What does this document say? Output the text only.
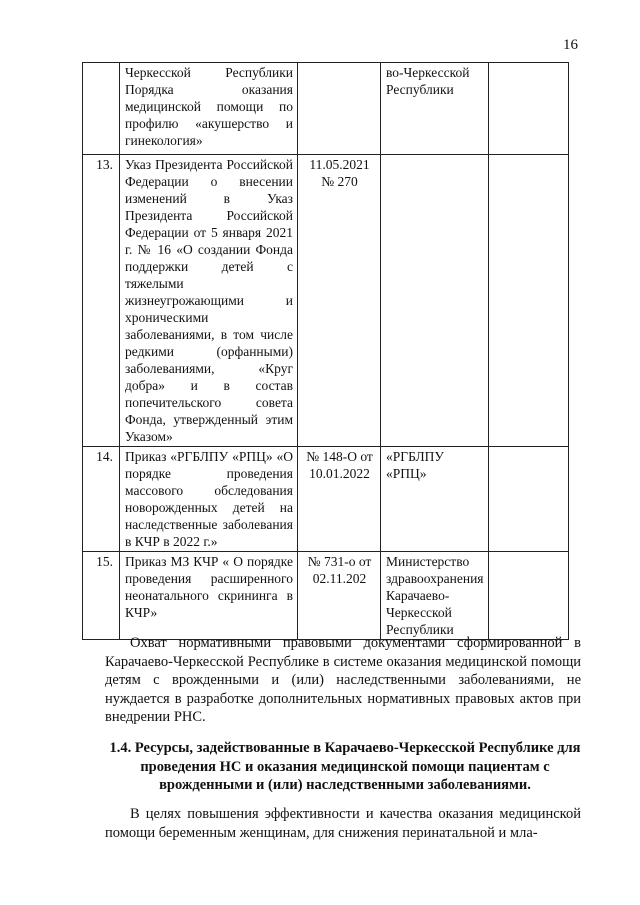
16
	Черкесской Республики Порядка оказания медицинской помощи по профилю «акушерство и гинекология»		во-Черкесской Республики	
13.	Указ Президента Российской Федерации о внесении изменений в Указ Президента Российской Федерации от 5 января 2021 г. № 16 «О создании Фонда поддержки детей с тяжелыми жизнеугрожающими и хроническими заболеваниями, в том числе редкими (орфанными) заболеваниями, «Круг добра» и в состав попечительского совета Фонда, утвержденный этим Указом»	11.05.2021 № 270		
14.	Приказ «РГБЛПУ «РПЦ» «О порядке проведения массового обследования новорожденных детей на наследственные заболевания в КЧР в 2022 г.»	№ 148-О от 10.01.2022	«РГБЛПУ «РПЦ»	
15.	Приказ МЗ КЧР « О порядке проведения расширенного неонатального скрининга в КЧР»	№ 731-о от 02.11.202	Министерство здравоохранения Карачаево-Черкесской Республики	

Охват нормативными правовыми документами сформированной в Карачаево-Черкесской Республике в системе оказания медицинской помощи детям с врожденными и (или) наследственными заболеваниями, не нуждается в разработке дополнительных нормативных правовых актов при внедрении РНС.

1.4. Ресурсы, задействованные в Карачаево-Черкесской Республике для проведения НС и оказания медицинской помощи пациентам с врожденными и (или) наследственными заболеваниями.

В целях повышения эффективности и качества оказания медицинской помощи беременным женщинам, для снижения перинатальной и мла-
